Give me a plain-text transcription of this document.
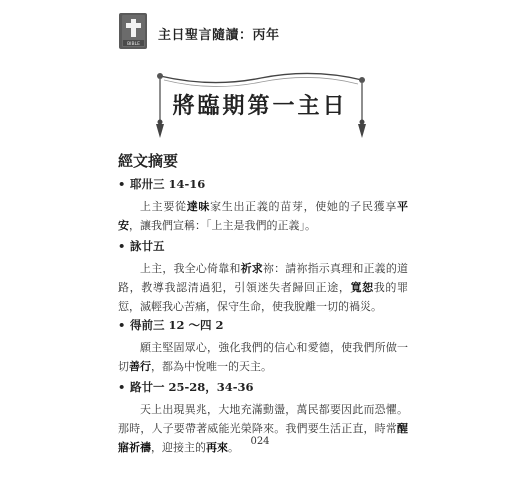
BIBLE
主日聖言隨讀：丙年
將臨期第一主日
經文摘要

• 耶卅三 14-16

上主要從達味家生出正義的苗芽，使她的子民獲享平安，讓我們宣稱：「上主是我們的正義」。

• 詠廿五

上主，我全心倚靠和祈求祢：請祢指示真理和正義的道路，教導我認清過犯，引領迷失者歸回正途，寬恕我的罪愆，滅輕我心苦痛，保守生命，使我脫離一切的禍災。

• 得前三 12 ～四 2

願主堅固眾心，強化我們的信心和愛德，使我們所做一切善行，都為中悅唯一的天主。

• 路廿一 25-28，34-36

天上出現異兆，大地充滿動盪，萬民都要因此而恐懼。那時，人子要帶著威能光榮降來。我們要生活正直，時常醒寤祈禱，迎接主的再來。	024
